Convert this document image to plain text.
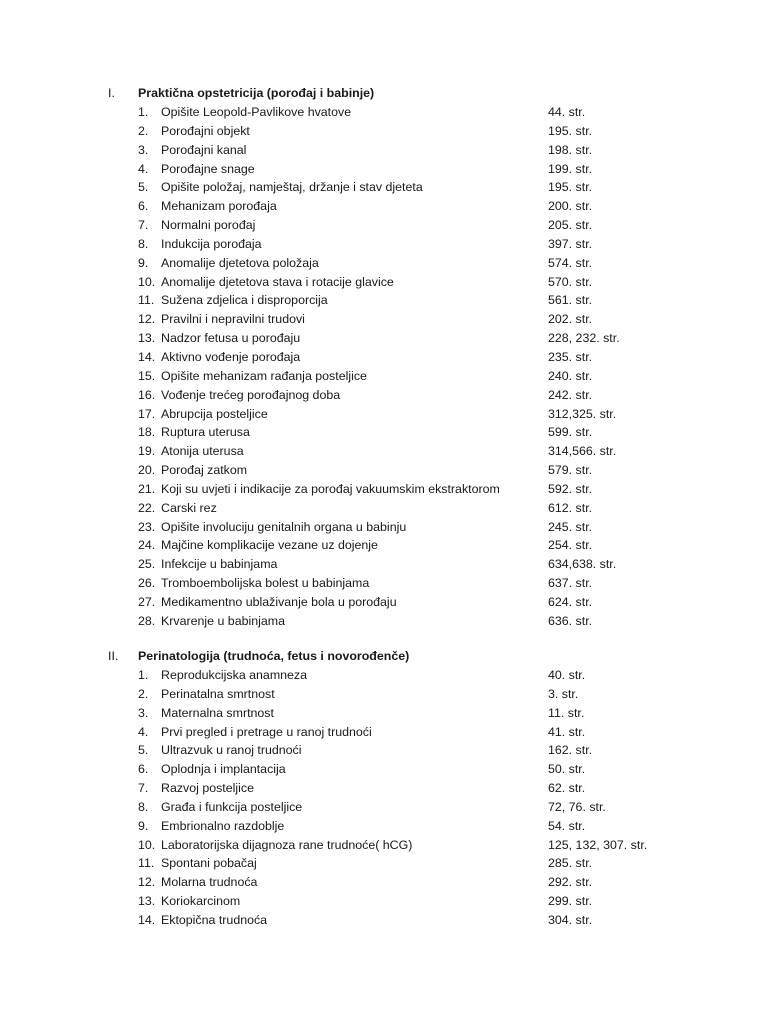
I. Praktična opstetricija (porođaj i babinje)
1.	Opišite Leopold-Pavlikove hvatove	44. str.
2.	Porođajni objekt	195. str.
3.	Porođajni kanal	198. str.
4.	Porođajne snage	199. str.
5.	Opišite položaj, namještaj, držanje i stav djeteta	195. str.
6.	Mehanizam porođaja	200. str.
7.	Normalni porođaj	205. str.
8.	Indukcija porođaja	397. str.
9.	Anomalije djetetova položaja	574. str.
10. Anomalije djetetova stava i rotacije glavice	570. str.
11. Sužena zdjelica i disproporcija	561. str.
12. Pravilni i nepravilni trudovi	202. str.
13. Nadzor fetusa u porođaju	228, 232. str.
14. Aktivno vođenje porođaja	235. str.
15. Opišite mehanizam rađanja posteljice	240. str.
16. Vođenje trećeg porođajnog doba	242. str.
17. Abrupcija posteljice	312,325. str.
18. Ruptura uterusa	599. str.
19. Atonija uterusa	314,566. str.
20. Porođaj zatkom	579. str.
21. Koji su uvjeti i indikacije za porođaj vakuumskim ekstraktorom	592. str.
22. Carski rez	612. str.
23. Opišite involuciju genitalnih organa u babinju	245. str.
24. Majčine komplikacije vezane uz dojenje	254. str.
25. Infekcije u babinjama	634,638. str.
26. Tromboembolijska bolest u babinjama	637. str.
27. Medikamentno ublaživanje bola u porođaju	624. str.
28. Krvarenje u babinjama	636. str.
II. Perinatologija (trudnoća, fetus i novorođenče)
1.	Reprodukcijska anamneza	40. str.
2.	Perinatalna smrtnost	3. str.
3.	Maternalna smrtnost	11. str.
4.	Prvi pregled i pretrage u ranoj trudnoći	41. str.
5.	Ultrazvuk u ranoj trudnoći	162. str.
6.	Oplodnja i implantacija	50. str.
7.	Razvoj posteljice	62. str.
8.	Građa i funkcija posteljice	72, 76. str.
9.	Embrionalno razdoblje	54. str.
10. Laboratorijska dijagnoza rane trudnoće( hCG)	125, 132, 307. str.
11. Spontani pobačaj	285. str.
12. Molarna trudnoća	292. str.
13. Koriokarcinom	299. str.
14. Ektopična trudnoća	304. str.
